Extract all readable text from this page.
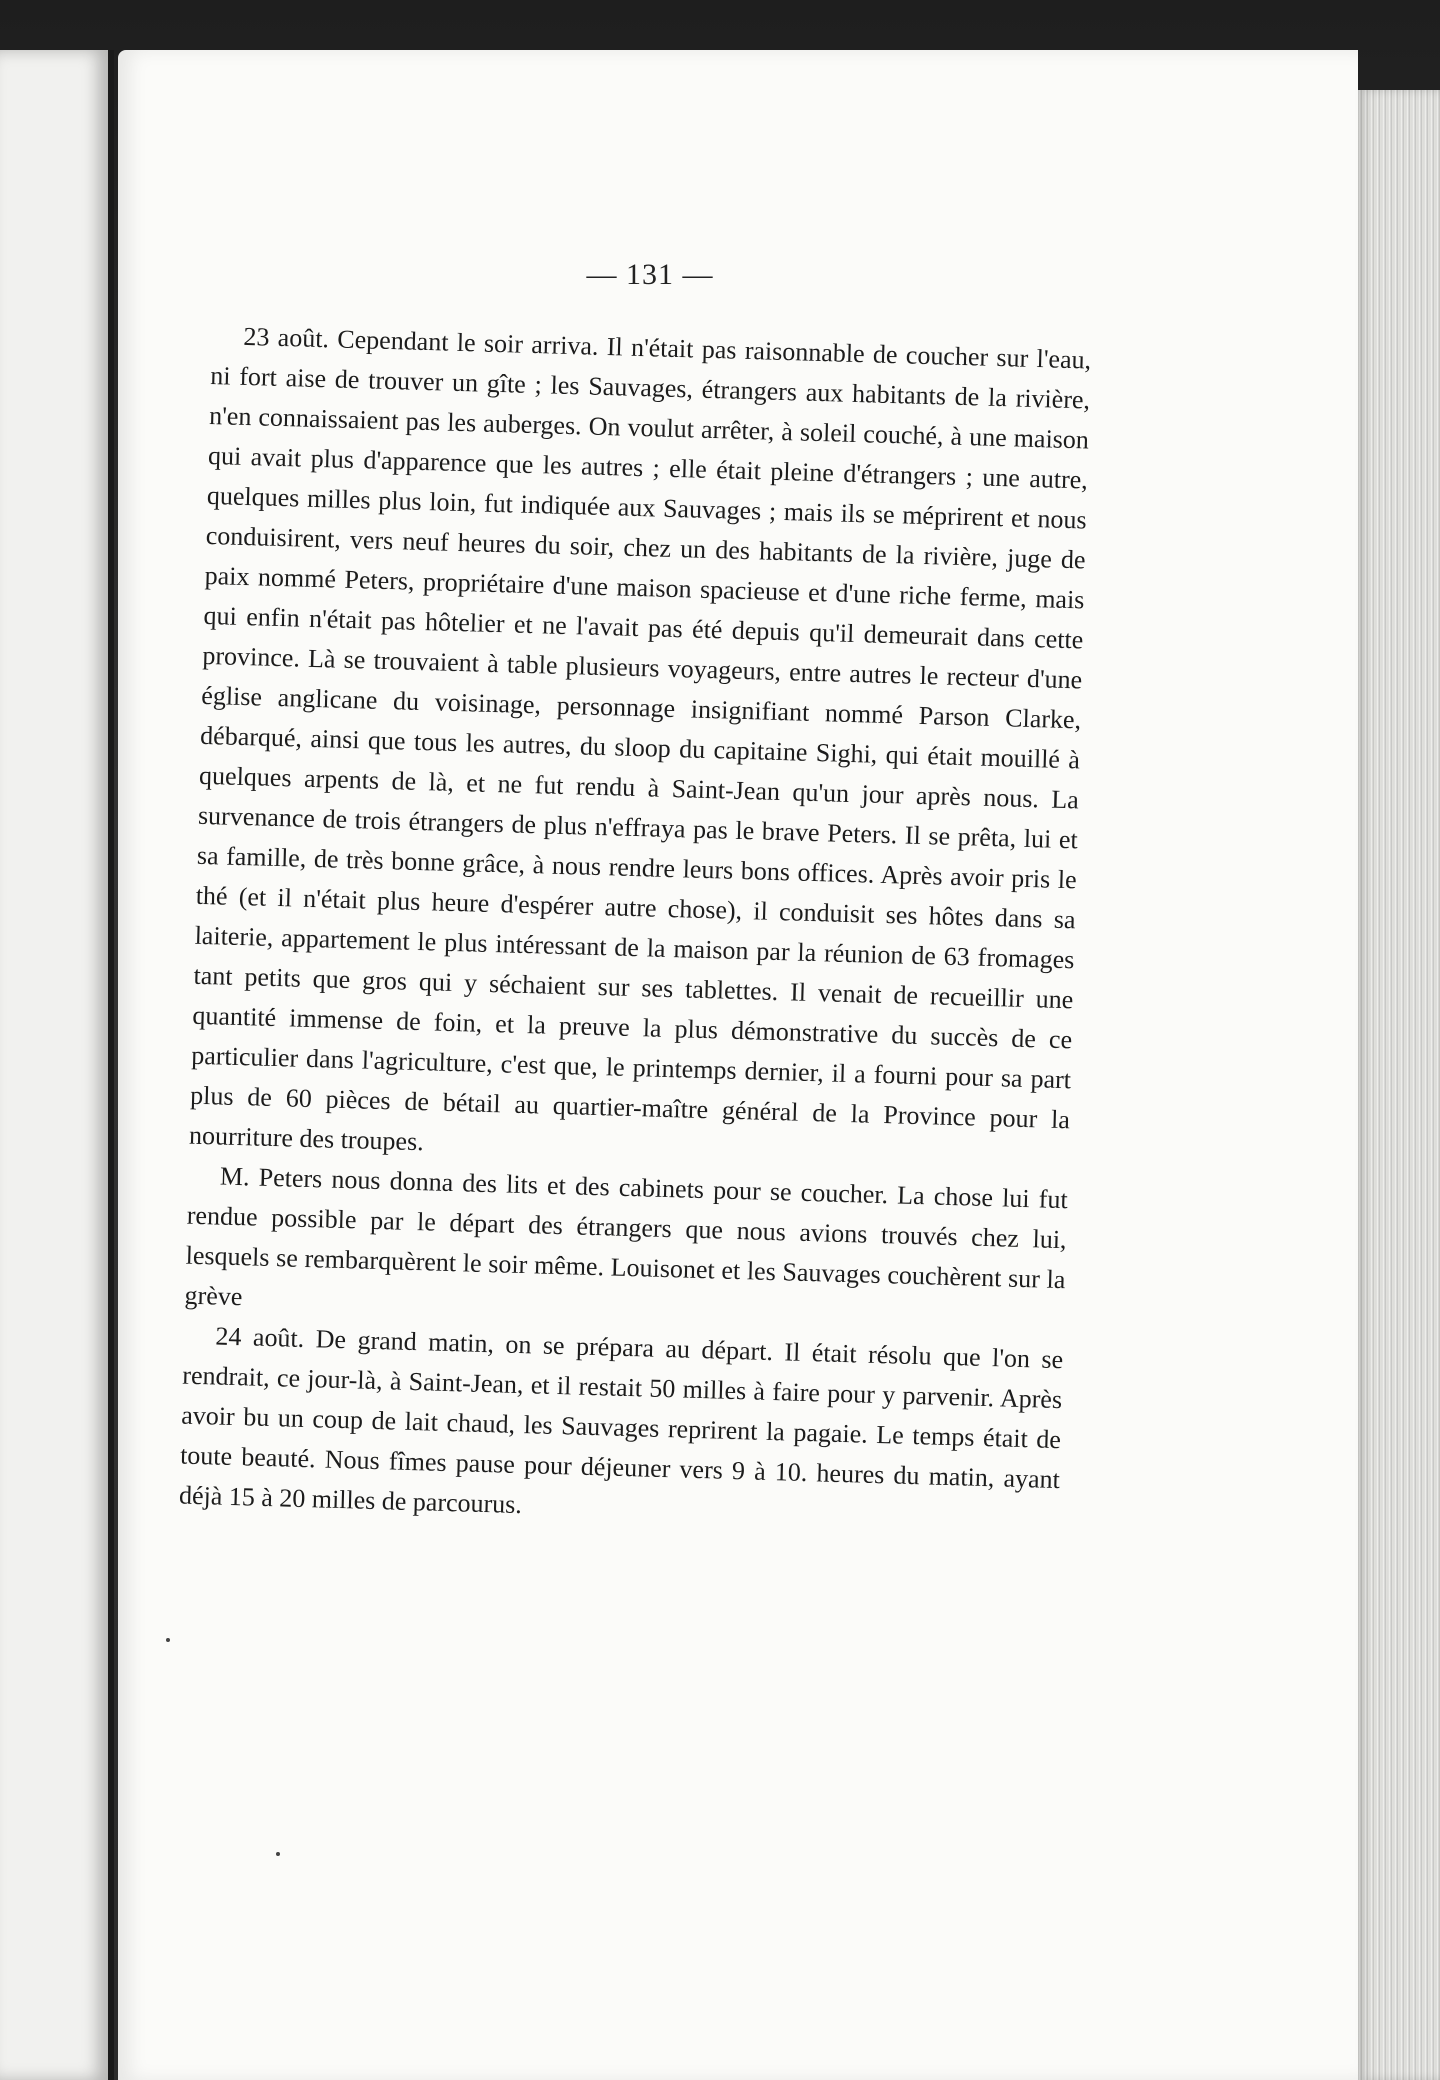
— 131 —

23 août. Cependant le soir arriva. Il n'était pas raisonnable de coucher sur l'eau, ni fort aise de trouver un gîte ; les Sauvages, étrangers aux habitants de la rivière, n'en connaissaient pas les auberges. On voulut arrêter, à soleil couché, à une maison qui avait plus d'apparence que les autres ; elle était pleine d'étrangers ; une autre, quelques milles plus loin, fut indiquée aux Sauvages ; mais ils se méprirent et nous conduisirent, vers neuf heures du soir, chez un des habitants de la rivière, juge de paix nommé Peters, propriétaire d'une maison spacieuse et d'une riche ferme, mais qui enfin n'était pas hôtelier et ne l'avait pas été depuis qu'il demeurait dans cette province. Là se trouvaient à table plusieurs voyageurs, entre autres le recteur d'une église anglicane du voisinage, personnage insignifiant nommé Parson Clarke, débarqué, ainsi que tous les autres, du sloop du capitaine Sighi, qui était mouillé à quelques arpents de là, et ne fut rendu à Saint-Jean qu'un jour après nous. La survenance de trois étrangers de plus n'effraya pas le brave Peters. Il se prêta, lui et sa famille, de très bonne grâce, à nous rendre leurs bons offices. Après avoir pris le thé (et il n'était plus heure d'espérer autre chose), il conduisit ses hôtes dans sa laiterie, appartement le plus intéressant de la maison par la réunion de 63 fromages tant petits que gros qui y séchaient sur ses tablettes. Il venait de recueillir une quantité immense de foin, et la preuve la plus démonstrative du succès de ce particulier dans l'agriculture, c'est que, le printemps dernier, il a fourni pour sa part plus de 60 pièces de bétail au quartier-maître général de la Province pour la nourriture des troupes.

M. Peters nous donna des lits et des cabinets pour se coucher. La chose lui fut rendue possible par le départ des étrangers que nous avions trouvés chez lui, lesquels se rembarquèrent le soir même. Louisonet et les Sauvages couchèrent sur la grève

24 août. De grand matin, on se prépara au départ. Il était résolu que l'on se rendrait, ce jour-là, à Saint-Jean, et il restait 50 milles à faire pour y parvenir. Après avoir bu un coup de lait chaud, les Sauvages reprirent la pagaie. Le temps était de toute beauté. Nous fîmes pause pour déjeuner vers 9 à 10. heures du matin, ayant déjà 15 à 20 milles de parcourus.
